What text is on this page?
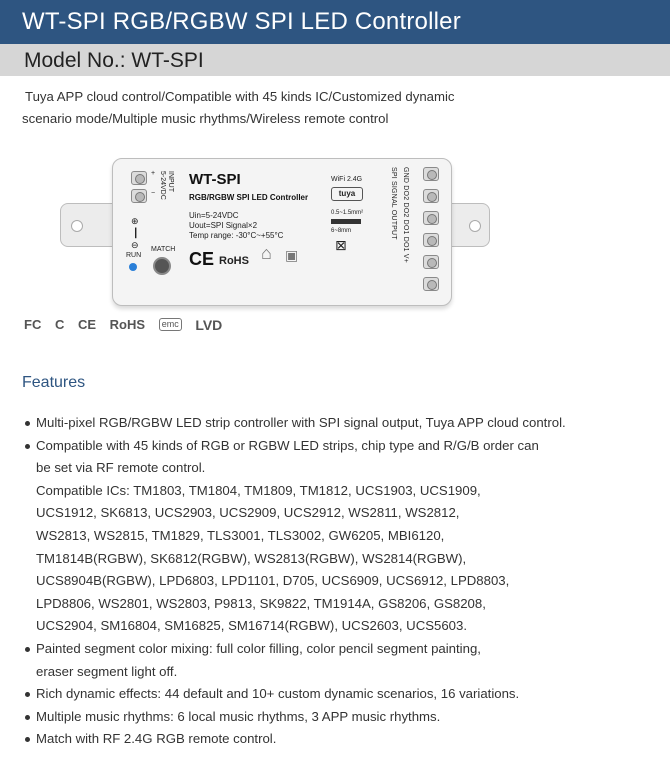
WT-SPI RGB/RGBW SPI LED Controller
Model No.: WT-SPI
Tuya APP cloud control/Compatible with 45 kinds IC/Customized dynamic
scenario mode/Multiple music rhythms/Wireless remote control
+
−
INPUT
5-24VDC
⊕
┃
⊖
RUN
MATCH
WT-SPI
RGB/RGBW SPI LED Controller
Uin=5-24VDC
Uout=SPI Signal×2
Temp range: -30°C~+55°C
CE RoHS ⌂ ▣
WiFi 2.4G
tuya
0.5~1.5mm²
6~8mm
⊠	GND DO2 DO2 DO1 DO1 V+
SPI SIGNAL OUTPUT
FC C CE RoHS emc LVD
Features
Multi-pixel RGB/RGBW LED strip controller with SPI signal output, Tuya APP cloud control.
Compatible with 45 kinds of RGB or RGBW LED strips, chip type and R/G/B order can
be set via RF remote control.
Compatible ICs: TM1803, TM1804, TM1809, TM1812, UCS1903, UCS1909,
UCS1912, SK6813, UCS2903, UCS2909, UCS2912, WS2811, WS2812,
WS2813, WS2815, TM1829, TLS3001, TLS3002, GW6205, MBI6120,
TM1814B(RGBW), SK6812(RGBW), WS2813(RGBW), WS2814(RGBW),
UCS8904B(RGBW), LPD6803, LPD1101, D705, UCS6909, UCS6912, LPD8803,
LPD8806, WS2801, WS2803, P9813, SK9822, TM1914A, GS8206, GS8208,
UCS2904, SM16804, SM16825, SM16714(RGBW), UCS2603, UCS5603.
Painted segment color mixing: full color filling, color pencil segment painting,
eraser segment light off.
Rich dynamic effects: 44 default and 10+ custom dynamic scenarios, 16 variations.
Multiple music rhythms: 6 local music rhythms, 3 APP music rhythms.
Match with RF 2.4G RGB remote control.
